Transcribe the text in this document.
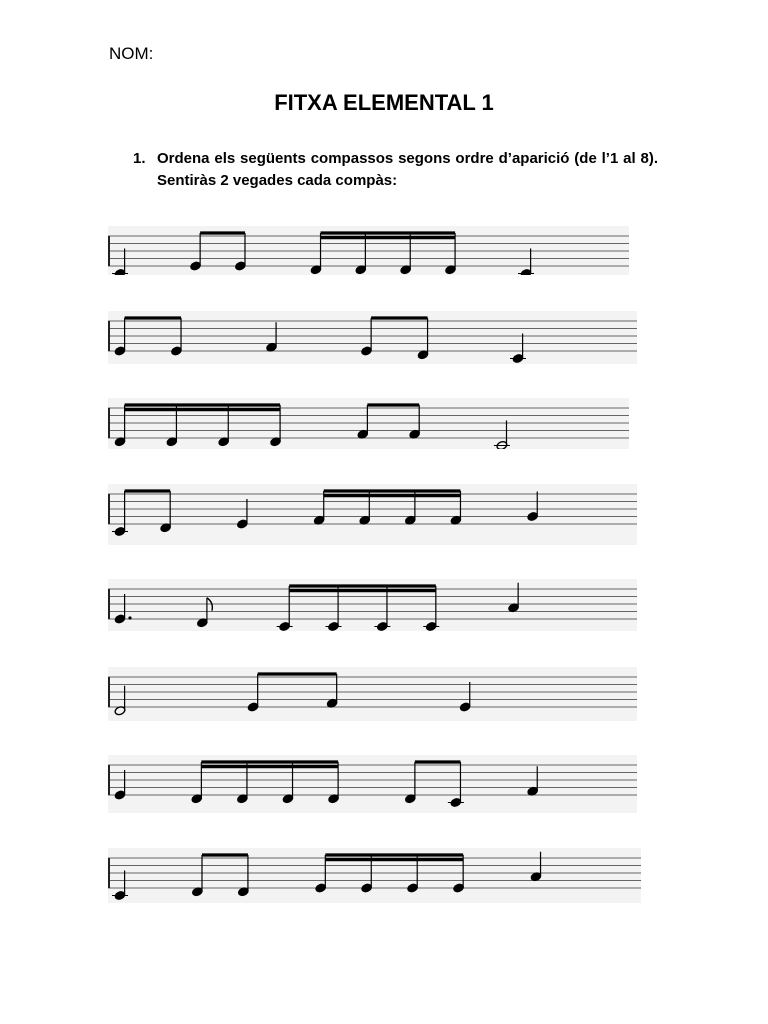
NOM:
FITXA ELEMENTAL 1
1. Ordena els següents compassos segons ordre d’aparició (de l’1 al 8). Sentiràs 2 vegades cada compàs:
